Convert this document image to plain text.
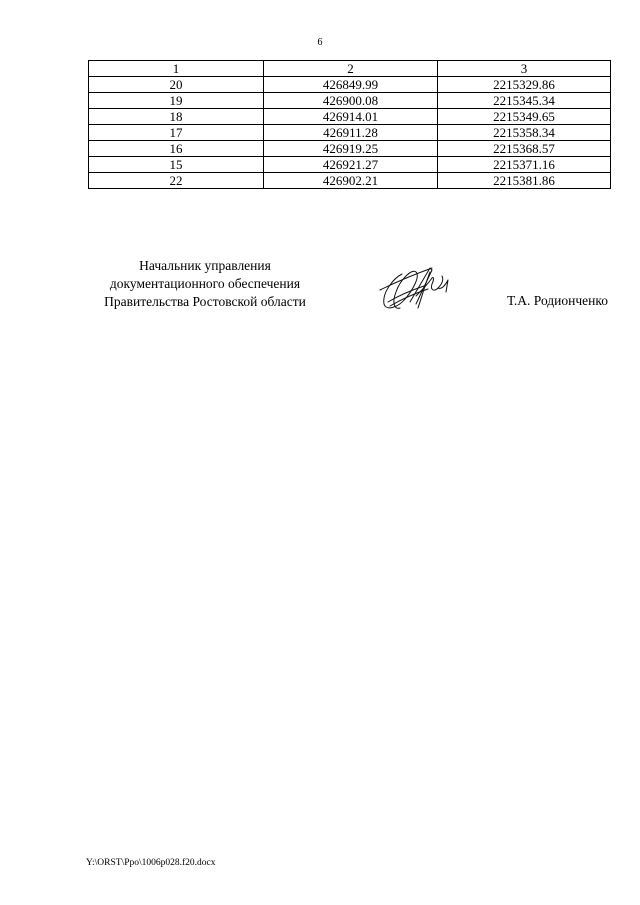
6
1	2	3
20	426849.99	2215329.86
19	426900.08	2215345.34
18	426914.01	2215349.65
17	426911.28	2215358.34
16	426919.25	2215368.57
15	426921.27	2215371.16
22	426902.21	2215381.86
Начальник управления
документационного обеспечения
Правительства Ростовской области	Т.А. Родионченко
Y:\ORST\Ppo\1006p028.f20.docx
